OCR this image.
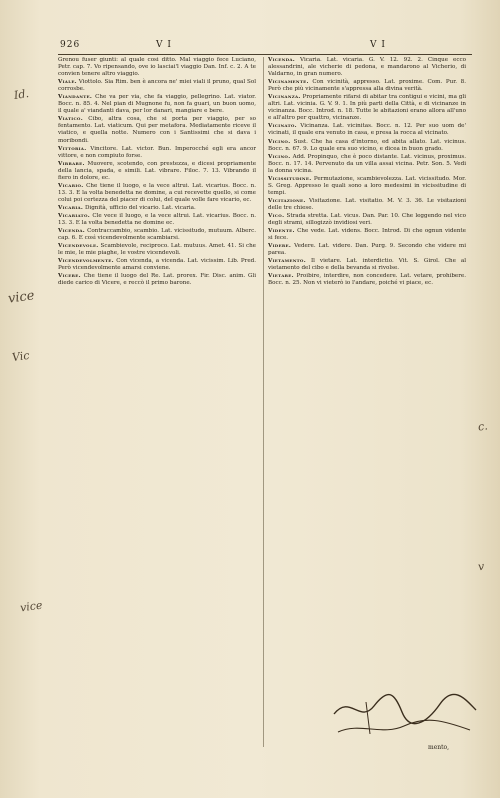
926	V I	V I

Grenou fuser giunti: al quale cosi ditto. Mal viaggio fece Luciano, Petr. cap. 7. Vo ripensando, ove io lasciai'l viaggio Dan. Inf. c. 2. A te convien tenere altro viaggio.

Viale. Viottolo. Sia Rim. ben è ancora ne' miei viali il pruno, qual Sol corrosbe.

Viandante. Che va per via, che fa viaggio, pellegrino. Lat. viator. Bocc. n. 85. 4. Nel pian di Mugnone fu, non fa guari, un buon uomo, il quale a' viandanti dava, per lor danari, mangiare e bere.

Viatico. Cibo, altra cosa, che si porta per viaggio, per so fentamento. Lat. viaticum. Qui per metafora. Mediatamente riceve il viatico, e quella notte. Numero con i Santissimi che si dava i moribondi.

Vittoria. Vincitore. Lat. victor. Bun. Imperocché egli era ancor vittore, e non compiuto forse.

Vibrare. Muovere, scotendo, con prestezza, e dicesi propriamente della lancia, spada, e simili. Lat. vibrare. Filoc. 7. 13. Vibrando il fiero in dolore, ec.

Vicario. Che tiene il luogo, e la vece altrui. Lat. vicarius. Bocc. n. 13. 3. E la volta benedetta ne domine, a cui recevette quello, si come colui poi certezza del piacer di colui, del quale volle fare vicario, ec.

Vicaria. Dignità, ufficio del vicario. Lat. vicaria.

Vicariato. Cle vece il luogo, e la vece altrui. Lat. vicarius. Bocc. n. 13. 3. E la volta benedetta ne domine ec.

Vicenda. Contraccambio, scambio. Lat. vicissitudo, mutuum. Alberc. cap. 6. E così vicendevolmente scambiarsi.

Vicendevole. Scambievole, reciproco. Lat. mutuus. Amet. 41. Si che le mie, le mie piaghe, le vostre vicendevoli.

Vicendevolmente. Con vicenda, a vicenda. Lat. vicissim. Lib. Pred. Però vicendevolmente amarsi conviene.

Vicere. Che tiene il luogo del Re. Lat. prorex. Fir. Disc. anim. Gli diede carico di Vicere, e reccò il primo barone.

Vicenda. Vicaria. Lat. vicaria. G. V. 12. 92. 2. Cinque ecco alessandrini, ale vicherie di pedona, e mandarono al Vicherio, di Valdarno, in gran numero.

Vicinamente. Con vicinità, appresso. Lat. proxime. Com. Pur. 8. Però che più vicinamente s'appressa alla divina verità.

Vicinanza. Propriamente rifarsi di abitar tra contigui e vicini, ma gli altri. Lat. vicinia. G. V. 9. 1. In più parti della Città, e di vicinanze in vicinanza. Bocc. Introd. n. 18. Tutte le abitazioni erano allora all'uno e all'altro per quattro, vicinanze.

Vicinato. Vicinanza. Lat. vicinitas. Bocc. n. 12. Per suo uom de' vicinati, il quale era venuto in casa, e presa la rocca al vicinato.

Vicino. Sust. Che ha casa d'intorno, ed abita allato. Lat. vicinus. Bocc. n. 67. 9. Lo quale era suo vicino, e dicea in buon grado.

Vicino. Add. Propinquo, che è poco distante. Lat. vicinus, proximus. Bocc. n. 17. 14. Pervenuto da un villa assai vicina. Petr. Son. 5. Vedi la donna vicina.

Vicissitudine. Permutazione, scambievolezza. Lat. vicissitudo. Mor. S. Greg. Appresso le quali sono a loro medesimi in vicissitudine di tempi.

Vicitazione. Visitazione. Lat. visitatio. M. V. 3. 36. Le visitazioni delle tre chiese.

Vico. Strada stretta. Lat. vicus. Dan. Par. 10. Che leggendo nel vico degli strami, sillogizzò invidiosi veri.

Vidente. Che vede. Lat. videns. Bocc. Introd. Di che ognun vidente si fece.

Videre. Vedere. Lat. videre. Dan. Purg. 9. Secondo che videre mi parea.

Vietamento. Il vietare. Lat. interdictio. Vit. S. Girol. Che al vietamento del cibo e della bevanda si rivolse.

Vietare. Proibire, interdire, non concedere. Lat. vetare, prohibere. Bocc. n. 25. Non vi vieterò io l'andare, poiché vi piace, ec.

Id.
vice
Vic
vice
c.
v
mento,
